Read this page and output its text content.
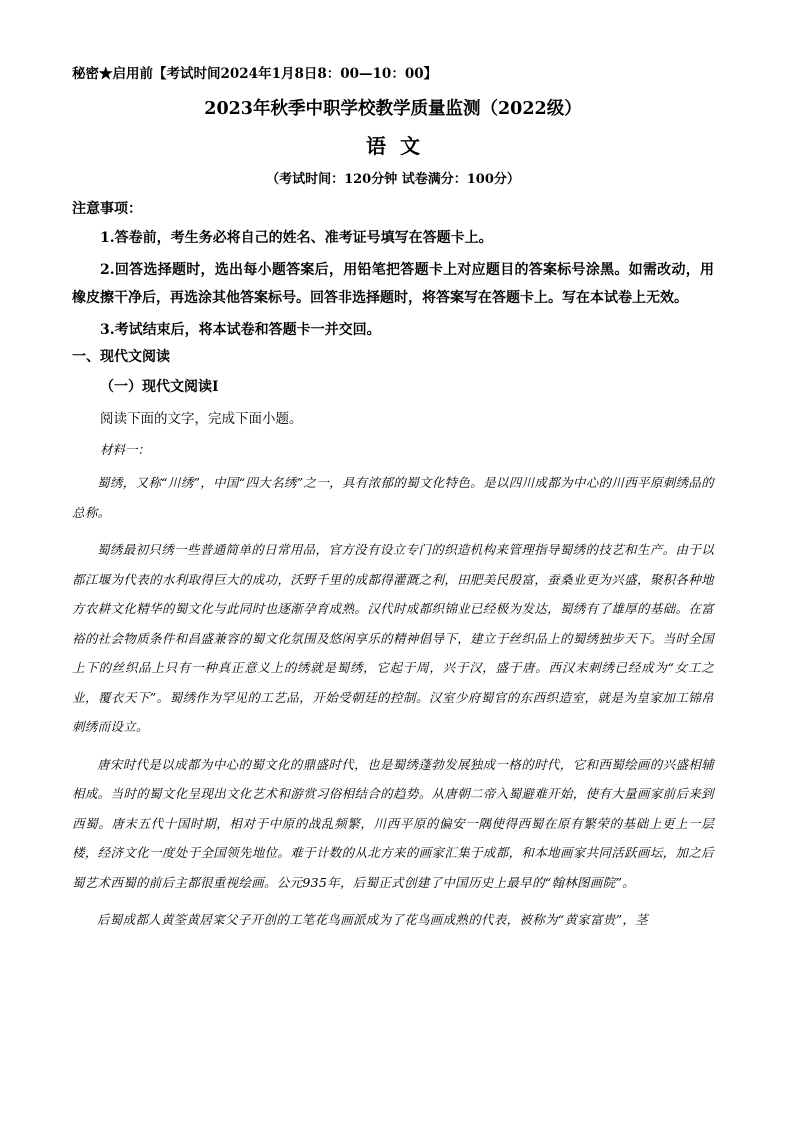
秘密★启用前【考试时间2024年1月8日8：00—10：00】

2023年秋季中职学校教学质量监测（2022级）

语文

（考试时间：120分钟 试卷满分：100分）

注意事项：

1.答卷前，考生务必将自己的姓名、准考证号填写在答题卡上。

2.回答选择题时，选出每小题答案后，用铅笔把答题卡上对应题目的答案标号涂黑。如需改动，用橡皮擦干净后，再选涂其他答案标号。回答非选择题时，将答案写在答题卡上。写在本试卷上无效。

3.考试结束后，将本试卷和答题卡一并交回。

一、现代文阅读

（一）现代文阅读Ⅰ

阅读下面的文字，完成下面小题。

材料一：

蜀绣，又称“川绣”，中国“四大名绣”之一，具有浓郁的蜀文化特色。是以四川成都为中心的川西平原刺绣品的总称。

蜀绣最初只绣一些普通简单的日常用品，官方没有设立专门的织造机构来管理指导蜀绣的技艺和生产。由于以都江堰为代表的水利取得巨大的成功，沃野千里的成都得灌溉之利，田肥美民殷富，蚕桑业更为兴盛，聚积各种地方农耕文化精华的蜀文化与此同时也逐渐孕育成熟。汉代时成都织锦业已经极为发达，蜀绣有了雄厚的基础。在富裕的社会物质条件和昌盛兼容的蜀文化氛围及悠闲享乐的精神倡导下，建立于丝织品上的蜀绣独步天下。当时全国上下的丝织品上只有一种真正意义上的绣就是蜀绣，它起于周，兴于汉，盛于唐。西汉末刺绣已经成为“女工之业，覆衣天下”。蜀绣作为罕见的工艺品，开始受朝廷的控制。汉室少府蜀官的东西织造室，就是为皇家加工锦帛刺绣而设立。

唐宋时代是以成都为中心的蜀文化的鼎盛时代，也是蜀绣蓬勃发展独成一格的时代，它和西蜀绘画的兴盛相辅相成。当时的蜀文化呈现出文化艺术和游赏习俗相结合的趋势。从唐朝二帝入蜀避难开始，使有大量画家前后来到西蜀。唐末五代十国时期，相对于中原的战乱频繁，川西平原的偏安一隅使得西蜀在原有繁荣的基础上更上一层楼，经济文化一度处于全国领先地位。难于计数的从北方来的画家汇集于成都，和本地画家共同活跃画坛，加之后蜀艺术西蜀的前后主都很重视绘画。公元935年，后蜀正式创建了中国历史上最早的“翰林图画院”。

后蜀成都人黄筌黄居寀父子开创的工笔花鸟画派成为了花鸟画成熟的代表，被称为“黄家富贵”，茎
